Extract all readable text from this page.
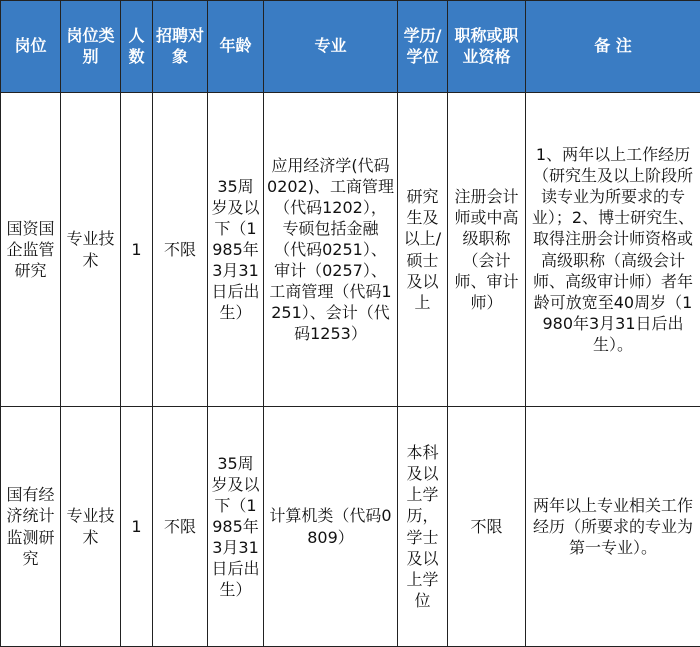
岗位	岗位类别	人数	招聘对象	年龄	专业	学历/学位	职称或职业资格	备 注
国资国企监管研究	专业技术	1	不限	35周岁及以下（1985年3月31日后出生）	应用经济学(代码0202)、工商管理（代码1202），专硕包括金融（代码0251）、审计（0257）、工商管理（代码1251）、会计（代码1253）	研究生及以上/硕士及以上	注册会计师或中高级职称（会计师、审计师）	1、两年以上工作经历（研究生及以上阶段所读专业为所要求的专业）；2、博士研究生、取得注册会计师资格或高级职称（高级会计师、高级审计师）者年龄可放宽至40周岁（1980年3月31日后出生）。
国有经济统计监测研究	专业技术	1	不限	35周岁及以下（1985年3月31日后出生）	计算机类（代码0809）	本科及以上学历，学士及以上学位	不限	两年以上专业相关工作经历（所要求的专业为第一专业）。
